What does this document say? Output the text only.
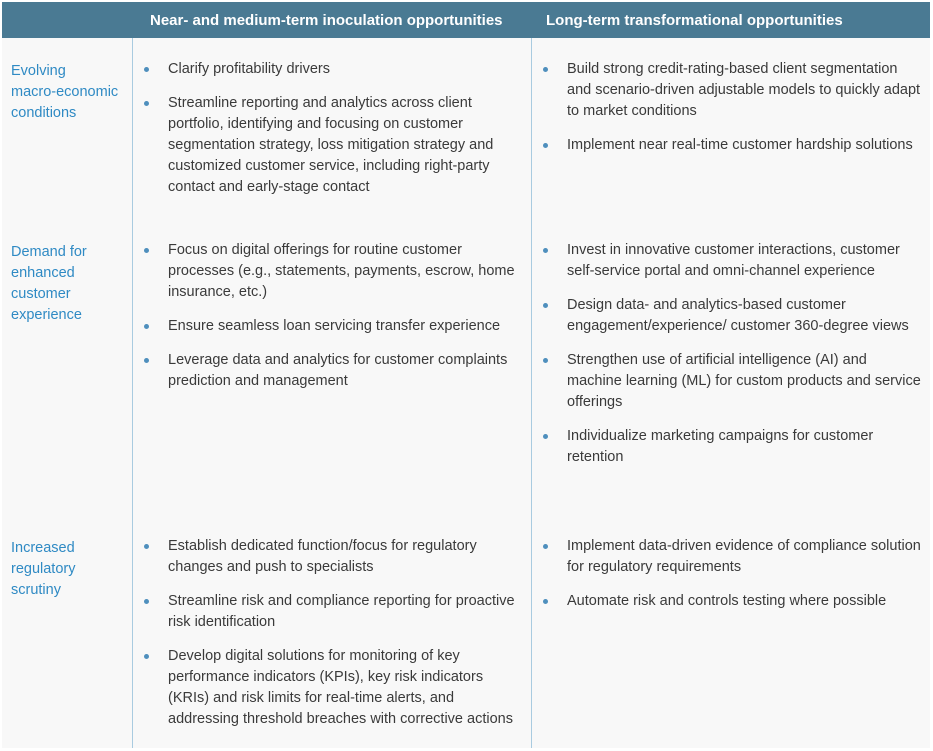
Near- and medium-term inoculation opportunities	Long-term transformational opportunities
Evolving
macro-economic
conditions
Clarify profitability drivers
Streamline reporting and analytics across client portfolio, identifying and focusing on customer segmentation strategy, loss mitigation strategy and customized customer service, including right-party contact and early-stage contact
Build strong credit-rating-based client segmentation and scenario-driven adjustable models to quickly adapt to market conditions
Implement near real-time customer hardship solutions
Demand for
enhanced
customer
experience
Focus on digital offerings for routine customer processes (e.g., statements, payments, escrow, home insurance, etc.)
Ensure seamless loan servicing transfer experience
Leverage data and analytics for customer complaints prediction and management
Invest in innovative customer interactions, customer self-service portal and omni-channel experience
Design data- and analytics-based customer engagement/experience/ customer 360-degree views
Strengthen use of artificial intelligence (AI) and machine learning (ML) for custom products and service offerings
Individualize marketing campaigns for customer retention
Increased
regulatory
scrutiny
Establish dedicated function/focus for regulatory changes and push to specialists
Streamline risk and compliance reporting for proactive risk identification
Develop digital solutions for monitoring of key performance indicators (KPIs), key risk indicators (KRIs) and risk limits for real-time alerts, and addressing threshold breaches with corrective actions
Implement data-driven evidence of compliance solution for regulatory requirements
Automate risk and controls testing where possible
